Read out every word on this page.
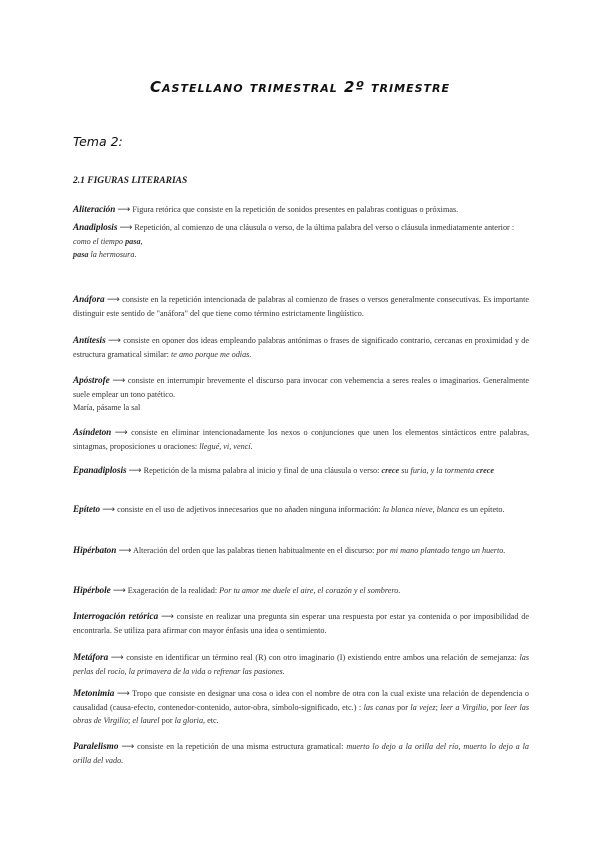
Castellano trimestral 2º trimestre
Tema 2:
2.1 FIGURAS LITERARIAS
Aliteración ⟶ Figura retórica que consiste en la repetición de sonidos presentes en palabras contiguas o próximas.
Anadiplosis ⟶ Repetición, al comienzo de una cláusula o verso, de la última palabra del verso o cláusula inmediatamente anterior :
como el tiempo pasa,
pasa la hermosura.
Anáfora ⟶ consiste en la repetición intencionada de palabras al comienzo de frases o versos generalmente consecutivas. Es importante distinguir este sentido de "anáfora" del que tiene como término estrictamente lingüístico.
Antítesis ⟶ consiste en oponer dos ideas empleando palabras antónimas o frases de significado contrario, cercanas en proximidad y de estructura gramatical similar: te amo porque me odias.
Apóstrofe ⟶ consiste en interrumpir brevemente el discurso para invocar con vehemencia a seres reales o imaginarios. Generalmente suele emplear un tono patético.
María, pásame la sal
Asíndeton ⟶ consiste en eliminar intencionadamente los nexos o conjunciones que unen los elementos sintácticos entre palabras, sintagmas, proposiciones u oraciones: llegué, vi, vencí.
Epanadiplosis ⟶ Repetición de la misma palabra al inicio y final de una cláusula o verso: crece su furia, y la tormenta crece
Epíteto ⟶ consiste en el uso de adjetivos innecesarios que no añaden ninguna información: la blanca nieve, blanca es un epíteto.
Hipérbaton ⟶ Alteración del orden que las palabras tienen habitualmente en el discurso: por mi mano plantado tengo un huerto.
Hipérbole ⟶ Exageración de la realidad: Por tu amor me duele el aire, el corazón y el sombrero.
Interrogación retórica ⟶ consiste en realizar una pregunta sin esperar una respuesta por estar ya contenida o por imposibilidad de encontrarla. Se utiliza para afirmar con mayor énfasis una idea o sentimiento.
Metáfora ⟶ consiste en identificar un término real (R) con otro imaginario (I) existiendo entre ambos una relación de semejanza: las perlas del rocío, la primavera de la vida o refrenar las pasiones.
Metonimia ⟶ Tropo que consiste en designar una cosa o idea con el nombre de otra con la cual existe una relación de dependencia o causalidad (causa-efecto, contenedor-contenido, autor-obra, símbolo-significado, etc.) : las canas por la vejez; leer a Virgilio, por leer las obras de Virgilio; el laurel por la gloria, etc.
Paralelismo ⟶ consiste en la repetición de una misma estructura gramatical: muerto lo dejo a la orilla del río, muerto lo dejo a la orilla del vado.
